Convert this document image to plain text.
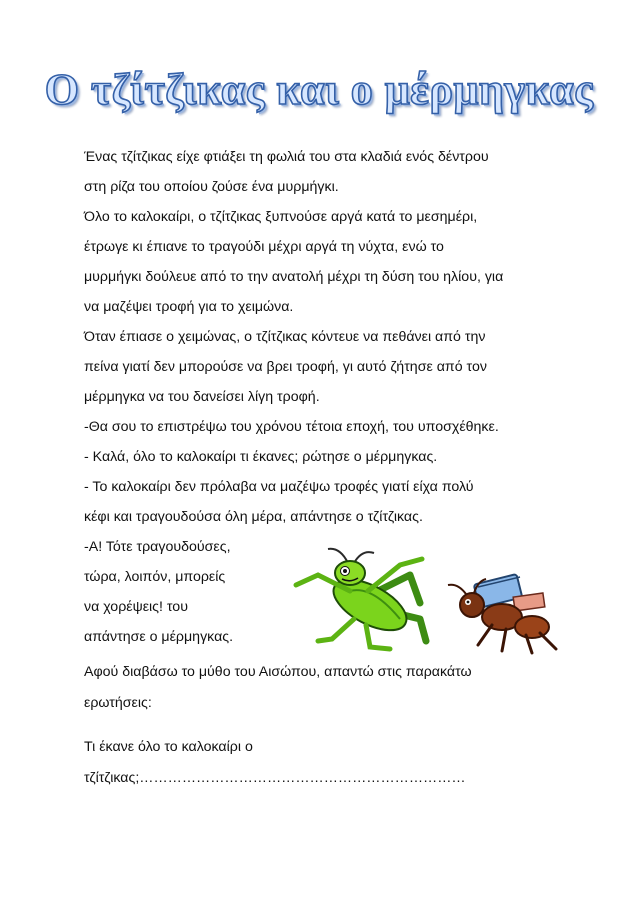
Ο τζίτζικας και ο μέρμηγκας
Ένας τζίτζικας είχε φτιάξει τη φωλιά του στα κλαδιά ενός δέντρου
στη ρίζα του οποίου ζούσε ένα μυρμήγκι.
Όλο το καλοκαίρι, ο τζίτζικας ξυπνούσε αργά κατά το μεσημέρι,
έτρωγε κι έπιανε το τραγούδι μέχρι αργά τη νύχτα, ενώ το
μυρμήγκι δούλευε από το την ανατολή μέχρι τη δύση του ηλίου, για
να μαζέψει τροφή για το χειμώνα.
Όταν έπιασε ο χειμώνας, ο τζίτζικας κόντευε να πεθάνει από την
πείνα γιατί δεν μπορούσε να βρει τροφή, γι αυτό ζήτησε από τον
μέρμηγκα να του δανείσει λίγη τροφή.
-Θα σου το επιστρέψω του χρόνου τέτοια εποχή, του υποσχέθηκε.
- Καλά, όλο το καλοκαίρι τι έκανες; ρώτησε ο μέρμηγκας.
- Το καλοκαίρι δεν πρόλαβα να μαζέψω τροφές γιατί είχα πολύ
κέφι και τραγουδούσα όλη μέρα, απάντησε ο τζίτζικας.
-Α! Τότε τραγουδούσες,
τώρα, λοιπόν, μπορείς
να χορέψεις! του
απάντησε ο μέρμηγκας.
Αφού διαβάσω το μύθο του Αισώπου, απαντώ στις παρακάτω
ερωτήσεις:
Τι έκανε όλο το καλοκαίρι ο
τζίτζικας;……………………………………………………………
